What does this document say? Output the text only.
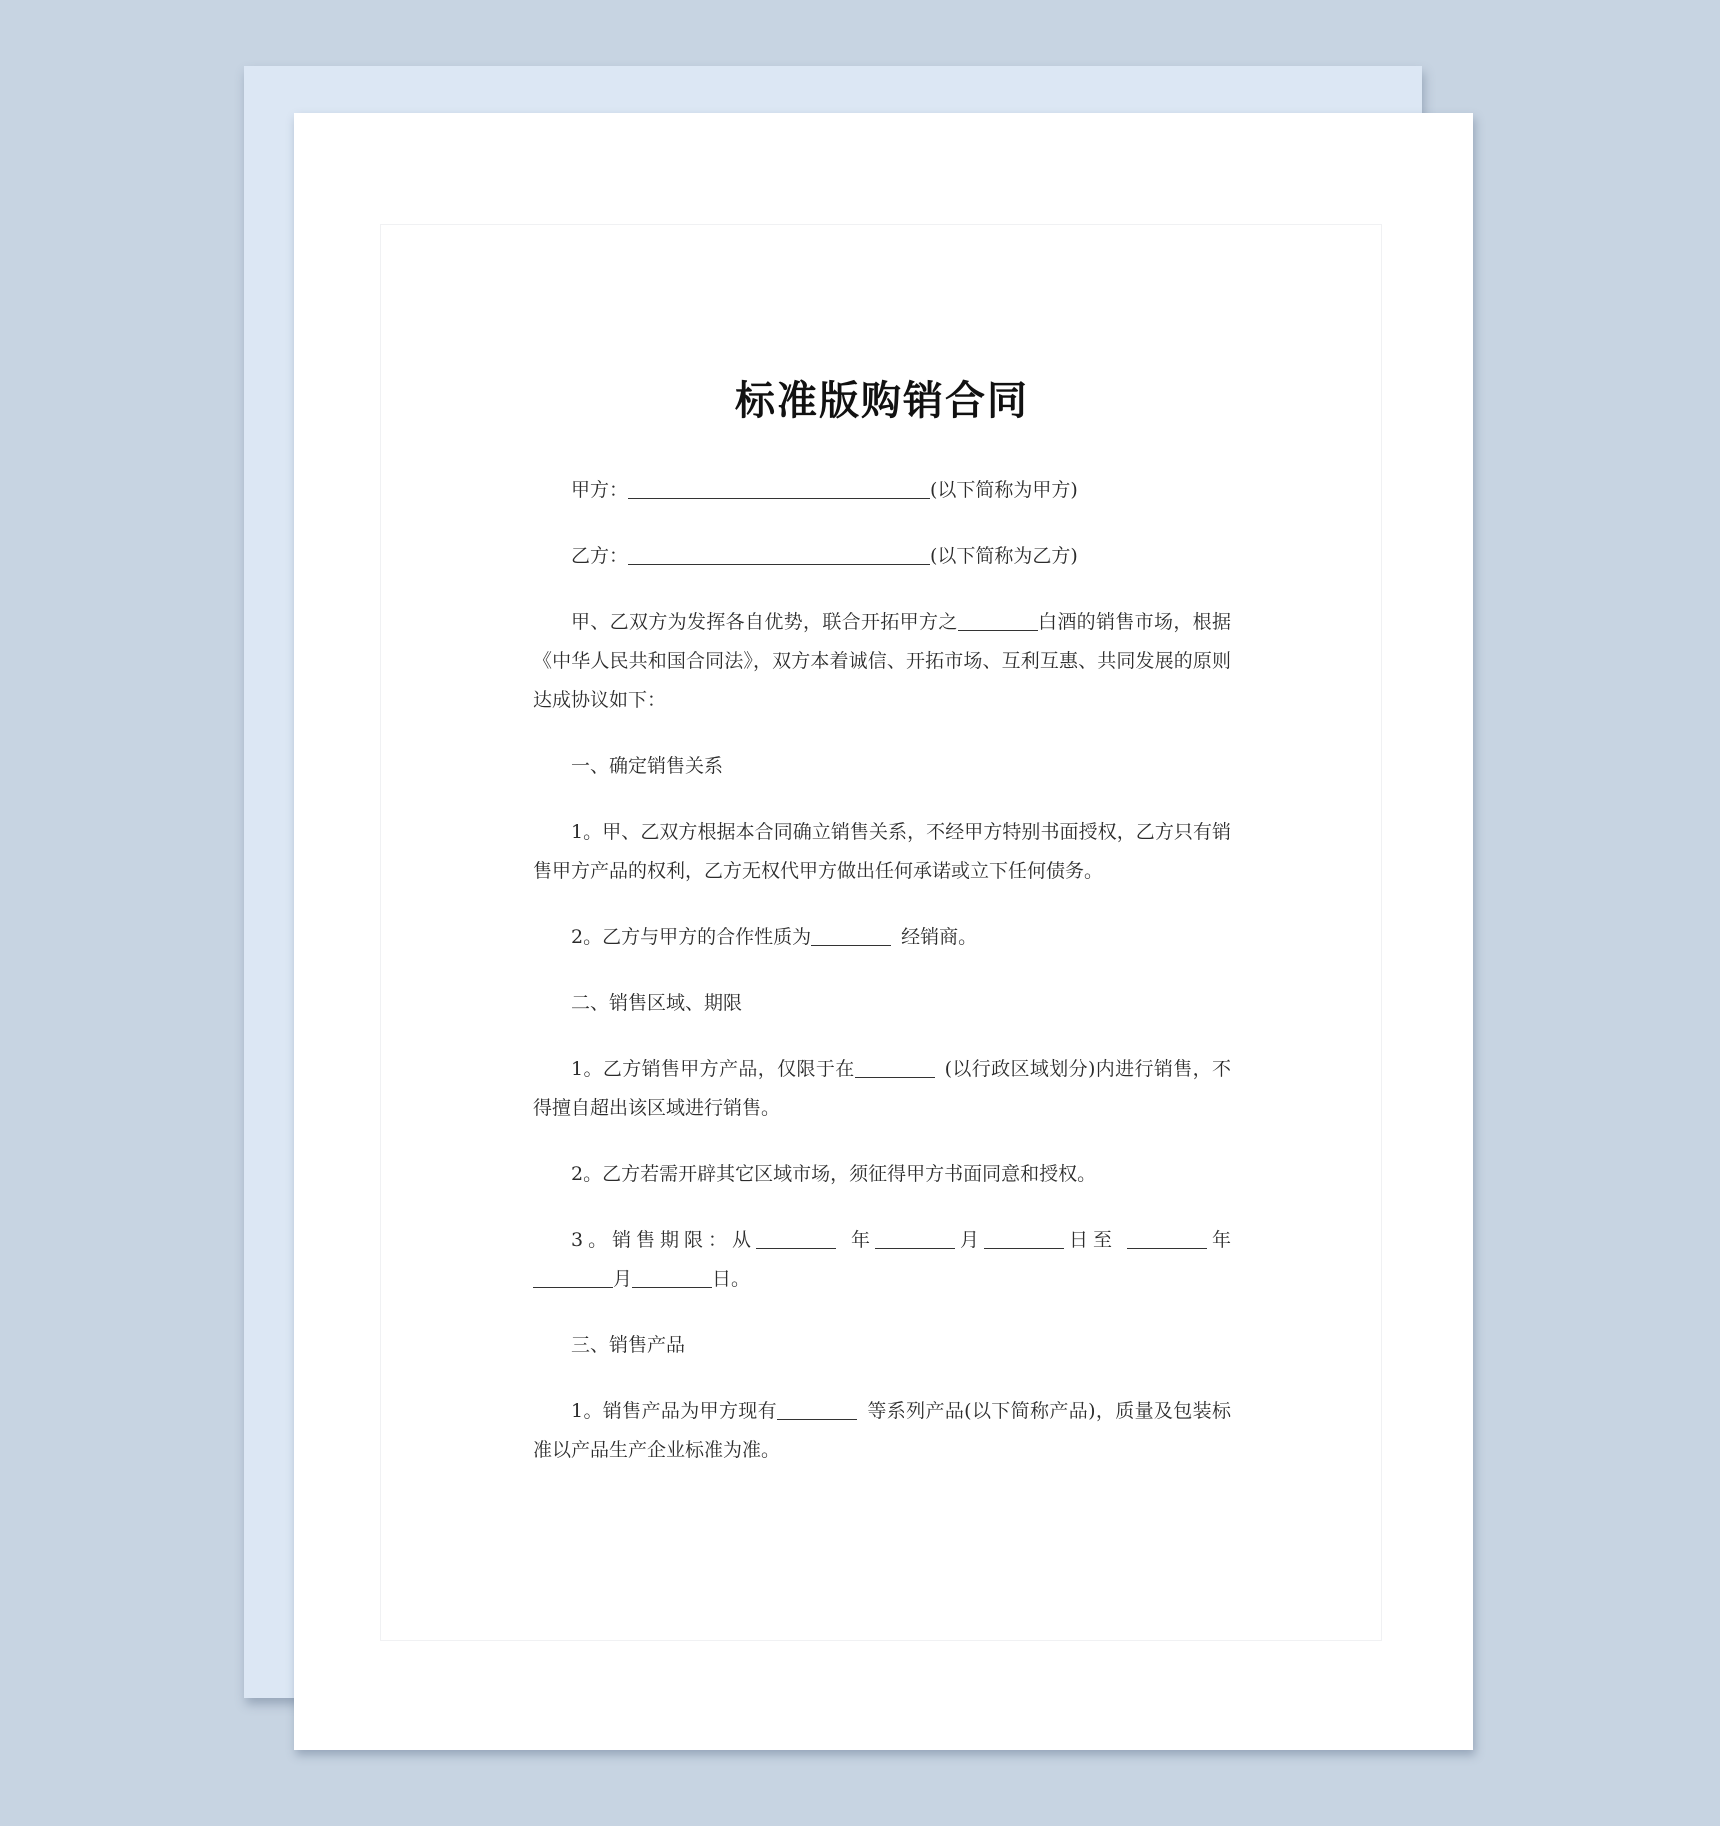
标准版购销合同

甲方：	(以下简称为甲方)

乙方：	(以下简称为乙方)

甲、乙双方为发挥各自优势，联合开拓甲方之	白酒的销售市场，根据《中华人民共和国合同法》，双方本着诚信、开拓市场、互利互惠、共同发展的原则达成协议如下：

一、确定销售关系

1。甲、乙双方根据本合同确立销售关系，不经甲方特别书面授权，乙方只有销售甲方产品的权利，乙方无权代甲方做出任何承诺或立下任何债务。

2。乙方与甲方的合作性质为	经销商。

二、销售区域、期限

1。乙方销售甲方产品，仅限于在	(以行政区域划分)内进行销售，不得擅自超出该区域进行销售。

2。乙方若需开辟其它区域市场，须征得甲方书面同意和授权。

3。销售期限：从	年	月	日至	年月	日。

三、销售产品

1。销售产品为甲方现有	等系列产品(以下简称产品)，质量及包装标准以产品生产企业标准为准。
